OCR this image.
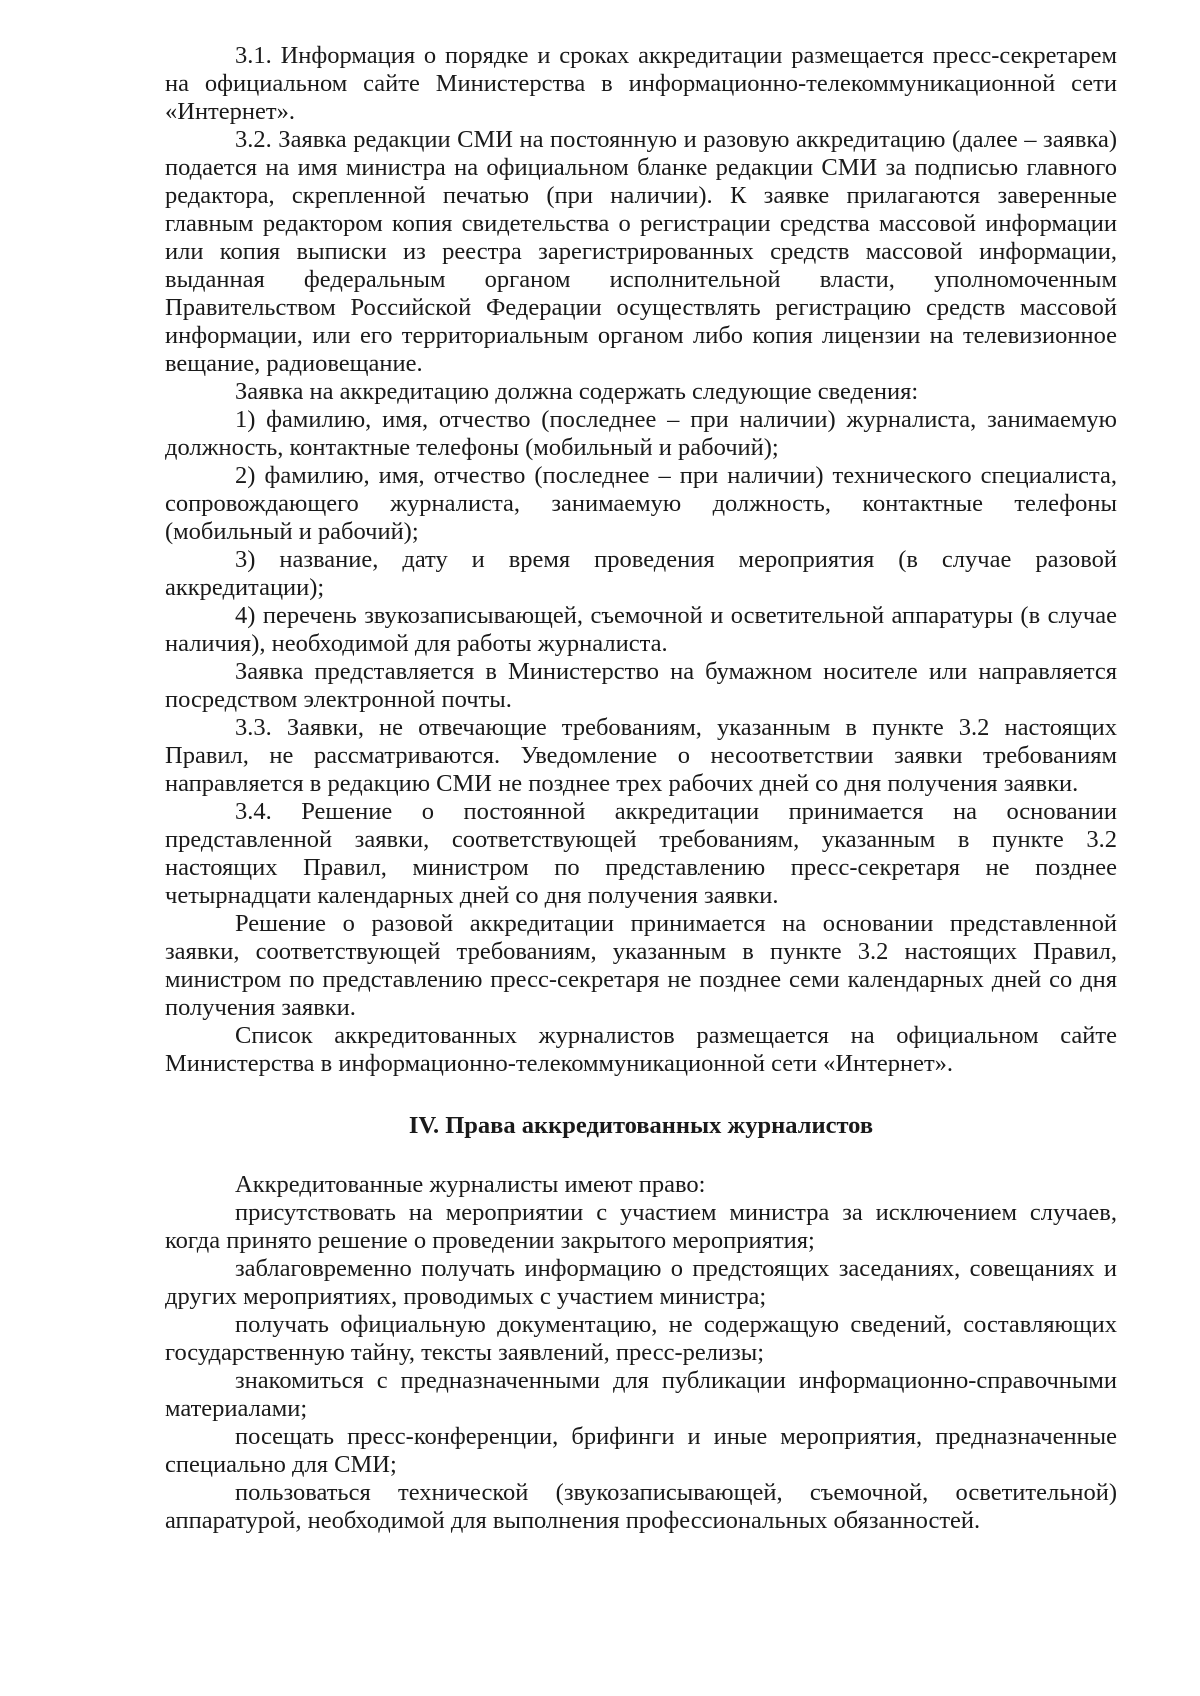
3.1. Информация о порядке и сроках аккредитации размещается пресс-секретарем на официальном сайте Министерства в информационно-телекоммуникационной сети «Интернет».

3.2. Заявка редакции СМИ на постоянную и разовую аккредитацию (далее – заявка) подается на имя министра на официальном бланке редакции СМИ за подписью главного редактора, скрепленной печатью (при наличии). К заявке прилагаются заверенные главным редактором копия свидетельства о регистрации средства массовой информации или копия выписки из реестра зарегистрированных средств массовой информации, выданная федеральным органом исполнительной власти, уполномоченным Правительством Российской Федерации осуществлять регистрацию средств массовой информации, или его территориальным органом либо копия лицензии на телевизионное вещание, радиовещание.

Заявка на аккредитацию должна содержать следующие сведения:

1) фамилию, имя, отчество (последнее – при наличии) журналиста, занимаемую должность, контактные телефоны (мобильный и рабочий);

2) фамилию, имя, отчество (последнее – при наличии) технического специалиста, сопровождающего журналиста, занимаемую должность, контактные телефоны (мобильный и рабочий);

3) название, дату и время проведения мероприятия (в случае разовой аккредитации);

4) перечень звукозаписывающей, съемочной и осветительной аппаратуры (в случае наличия), необходимой для работы журналиста.

Заявка представляется в Министерство на бумажном носителе или направляется посредством электронной почты.

3.3. Заявки, не отвечающие требованиям, указанным в пункте 3.2 настоящих Правил, не рассматриваются. Уведомление о несоответствии заявки требованиям направляется в редакцию СМИ не позднее трех рабочих дней со дня получения заявки.

3.4. Решение о постоянной аккредитации принимается на основании представленной заявки, соответствующей требованиям, указанным в пункте 3.2 настоящих Правил, министром по представлению пресс-секретаря не позднее четырнадцати календарных дней со дня получения заявки.

Решение о разовой аккредитации принимается на основании представленной заявки, соответствующей требованиям, указанным в пункте 3.2 настоящих Правил, министром по представлению пресс-секретаря не позднее семи календарных дней со дня получения заявки.

Список аккредитованных журналистов размещается на официальном сайте Министерства в информационно-телекоммуникационной сети «Интернет».

IV. Права аккредитованных журналистов

Аккредитованные журналисты имеют право:

присутствовать на мероприятии с участием министра за исключением случаев, когда принято решение о проведении закрытого мероприятия;

заблаговременно получать информацию о предстоящих заседаниях, совещаниях и других мероприятиях, проводимых с участием министра;

получать официальную документацию, не содержащую сведений, составляющих государственную тайну, тексты заявлений, пресс-релизы;

знакомиться с предназначенными для публикации информационно-справочными материалами;

посещать пресс-конференции, брифинги и иные мероприятия, предназначенные специально для СМИ;

пользоваться технической (звукозаписывающей, съемочной, осветительной) аппаратурой, необходимой для выполнения профессиональных обязанностей.
